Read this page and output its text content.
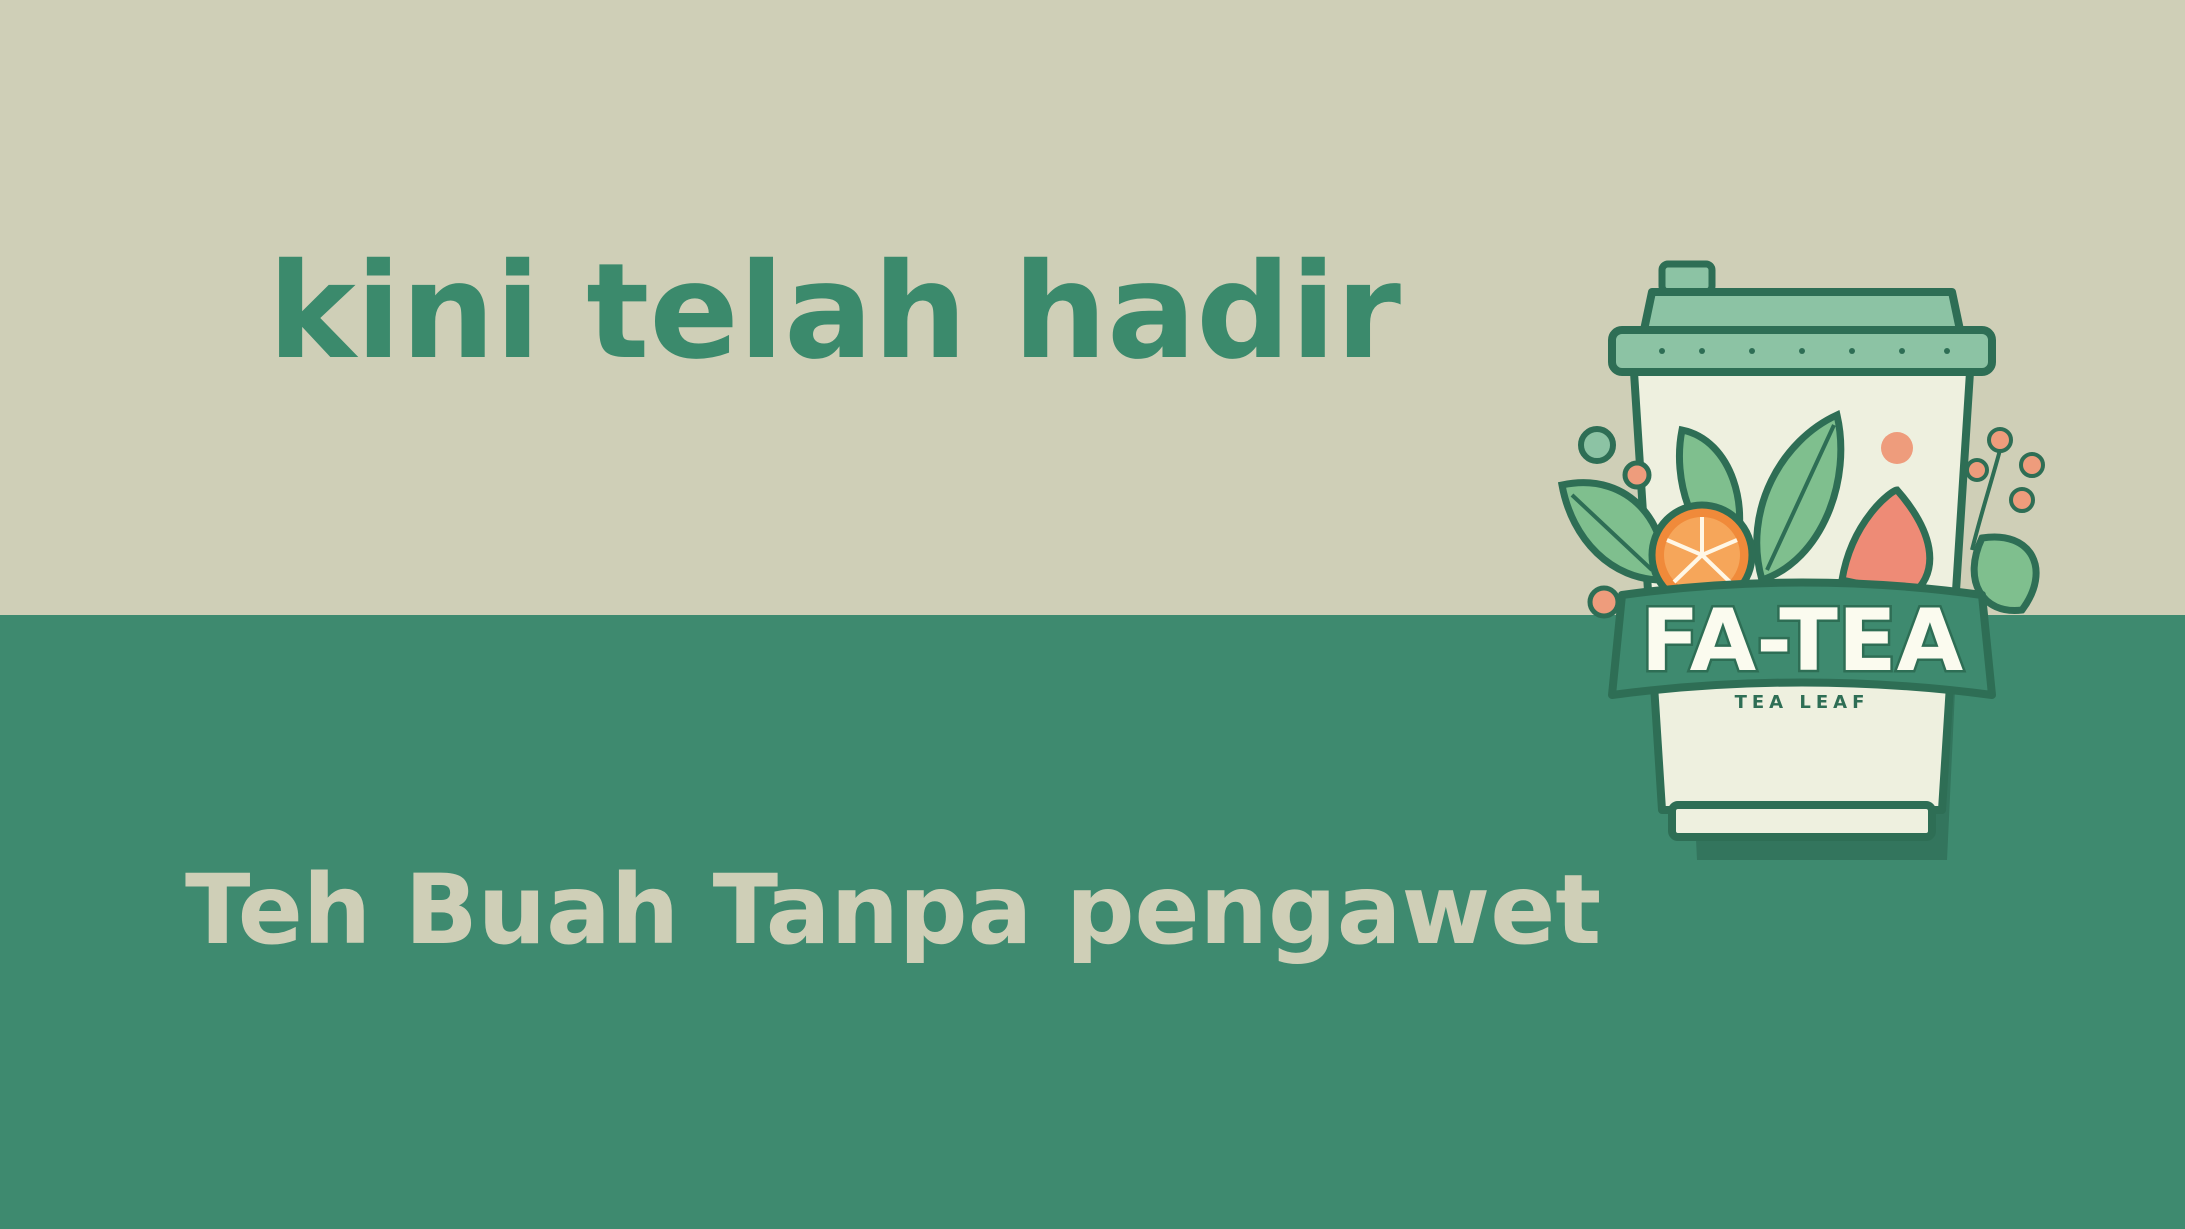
kini telah hadir
Teh Buah Tanpa pengawet
FA-TEA
TEA LEAF
